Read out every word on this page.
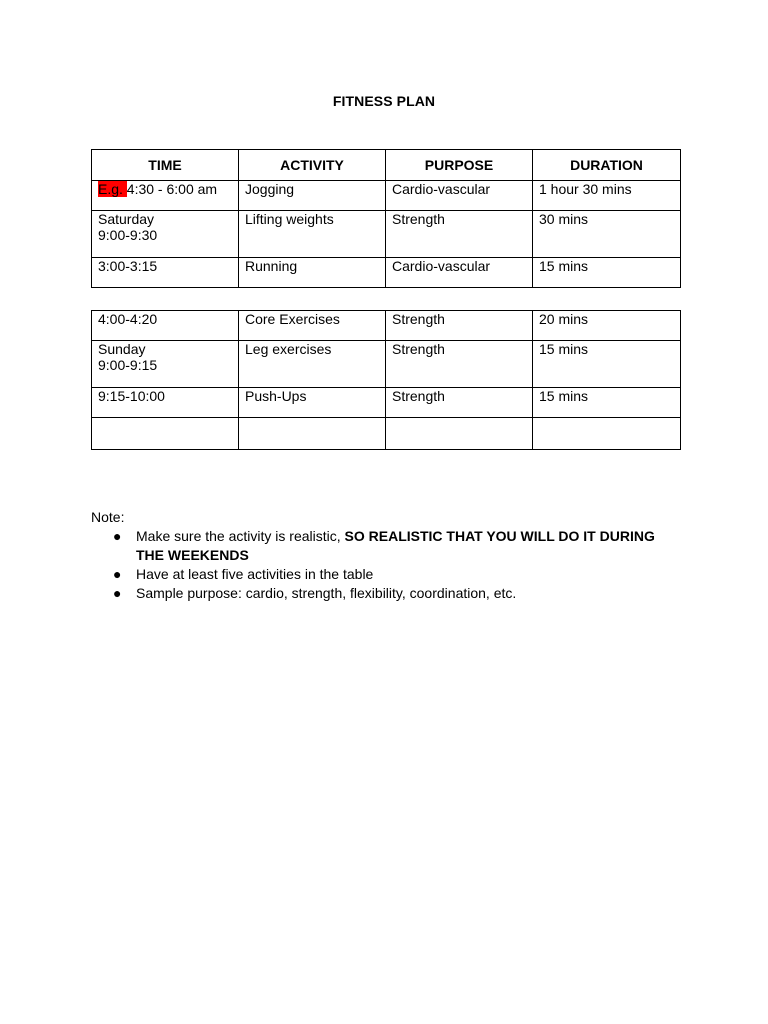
FITNESS PLAN
TIME	ACTIVITY	PURPOSE	DURATION
E.g. 4:30 - 6:00 am	Jogging	Cardio-vascular	1 hour 30 mins

Saturday
9:00-9:30	Lifting weights	Strength	30 mins
3:00-3:15	Running	Cardio-vascular	15 mins
4:00-4:20	Core Exercises	Strength	20 mins

Sunday
9:00-9:15	Leg exercises	Strength	15 mins
9:15-10:00	Push-Ups	Strength	15 mins

Note:
● Make sure the activity is realistic, SO REALISTIC THAT YOU WILL DO IT DURING
THE WEEKENDS
● Have at least five activities in the table
● Sample purpose: cardio, strength, flexibility, coordination, etc.
